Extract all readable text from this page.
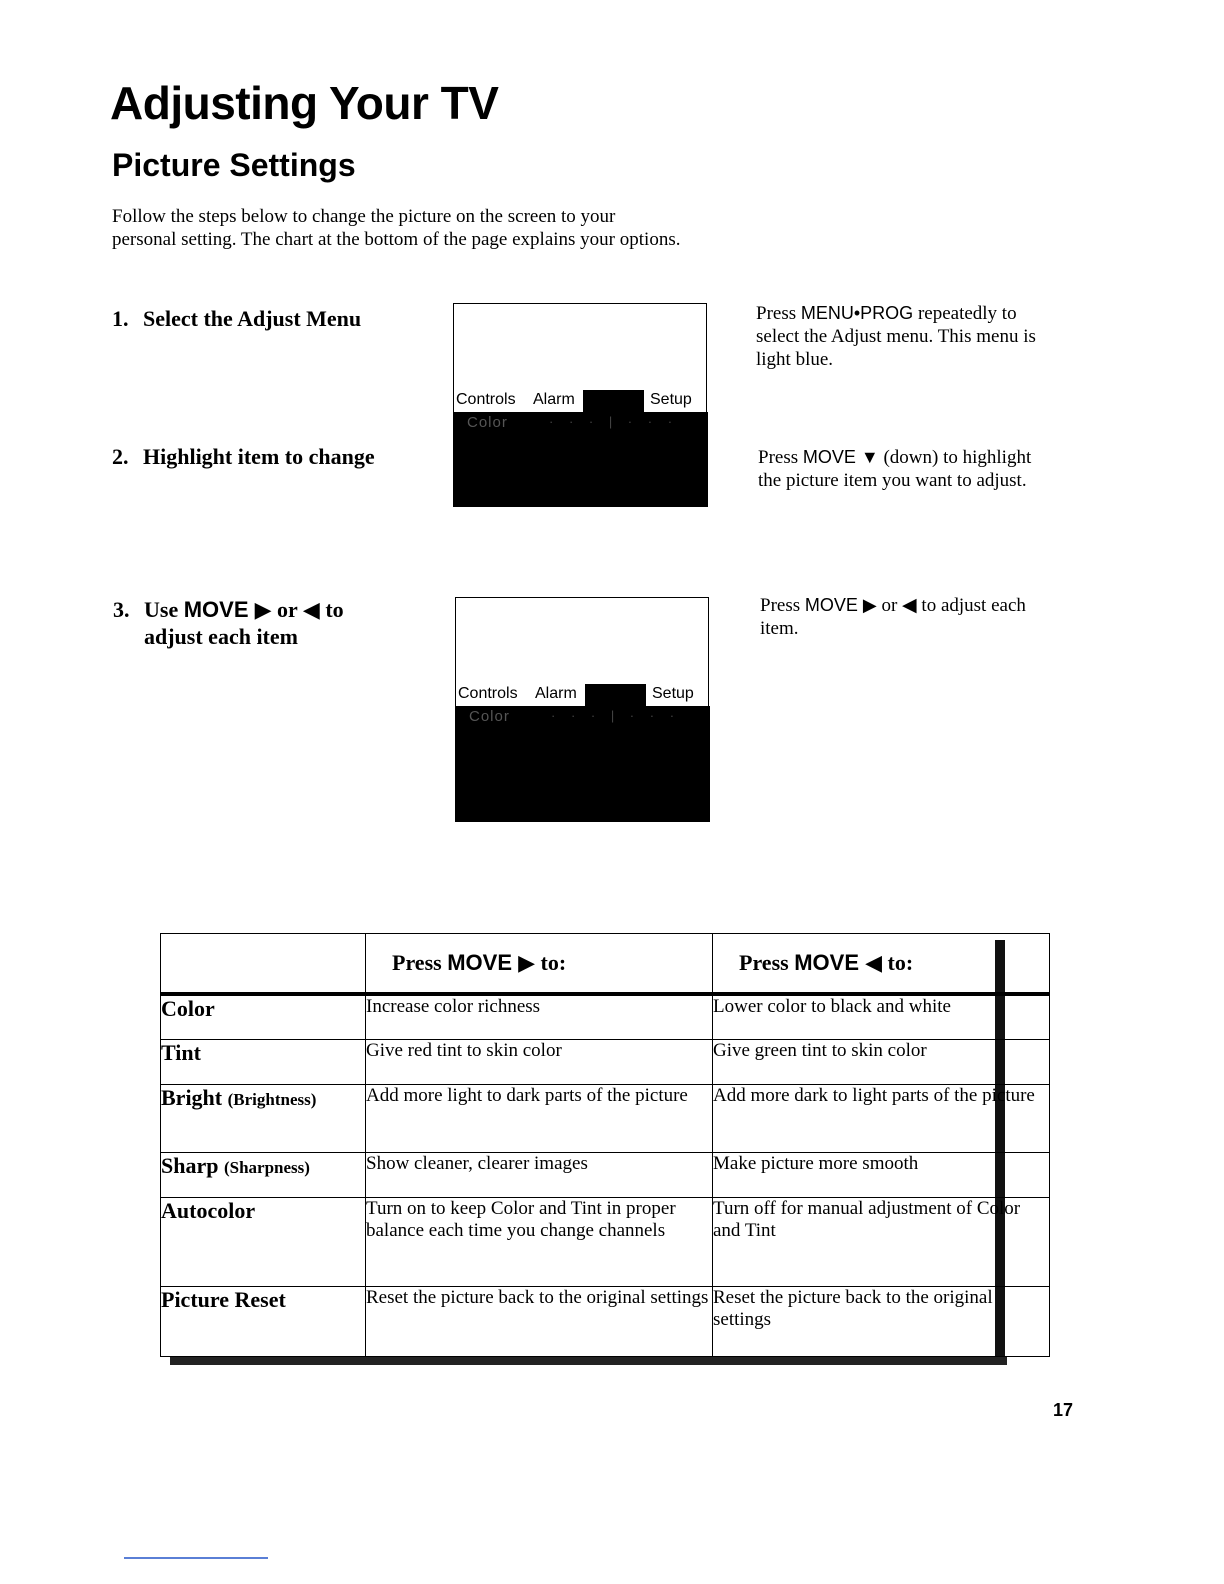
Adjusting Your TV
Picture Settings
Follow the steps below to change the picture on the screen to your
personal setting. The chart at the bottom of the page explains your options.
1. Select the Adjust Menu	Press MENU•PROG repeatedly to select the Adjust menu. This menu is light blue.
2. Highlight item to change	Press MOVE ▼ (down) to highlight the picture item you want to adjust.
Controls Alarm	Setup
Color	· · · | · · ·
3. Use MOVE ▶ or ◀ to
adjust each item
Press MOVE ▶ or ◀ to adjust each item.
Controls Alarm	Setup
Color	· · · | · · ·
	Press MOVE ▶ to:	Press MOVE ◀ to:
Color	Increase color richness	Lower color to black and white
Tint	Give red tint to skin color	Give green tint to skin color
Bright (Brightness)	Add more light to dark parts of the picture	Add more dark to light parts of the picture
Sharp (Sharpness)	Show cleaner, clearer images	Make picture more smooth
Autocolor	Turn on to keep Color and Tint in proper balance each time you change channels	Turn off for manual adjustment of Color and Tint
Picture Reset	Reset the picture back to the original settings	Reset the picture back to the original settings
17
